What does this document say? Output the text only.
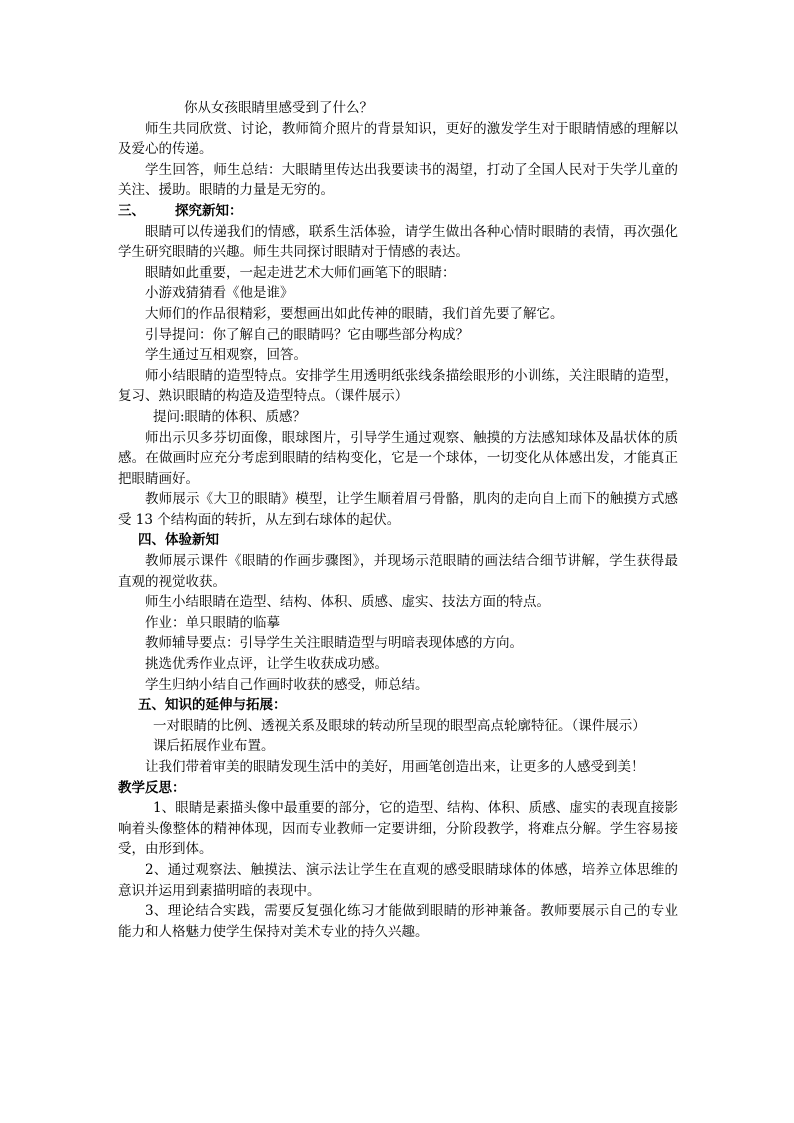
你从女孩眼睛里感受到了什么？

师生共同欣赏、讨论，教师简介照片的背景知识，更好的激发学生对于眼睛情感的理解以及爱心的传递。

学生回答，师生总结：大眼睛里传达出我要读书的渴望，打动了全国人民对于失学儿童的关注、援助。眼睛的力量是无穷的。

三、 探究新知：

眼睛可以传递我们的情感，联系生活体验，请学生做出各种心情时眼睛的表情，再次强化学生研究眼睛的兴趣。师生共同探讨眼睛对于情感的表达。

眼睛如此重要，一起走进艺术大师们画笔下的眼睛：

小游戏猜猜看《他是谁》

大师们的作品很精彩，要想画出如此传神的眼睛，我们首先要了解它。

引导提问：你了解自己的眼睛吗？它由哪些部分构成？

学生通过互相观察，回答。

师小结眼睛的造型特点。安排学生用透明纸张线条描绘眼形的小训练，关注眼睛的造型，复习、熟识眼睛的构造及造型特点。（课件展示）

提问:眼睛的体积、质感？

师出示贝多芬切面像，眼球图片，引导学生通过观察、触摸的方法感知球体及晶状体的质感。在做画时应充分考虑到眼睛的结构变化，它是一个球体，一切变化从体感出发，才能真正把眼睛画好。

教师展示《大卫的眼睛》模型，让学生顺着眉弓骨骼，肌肉的走向自上而下的触摸方式感受 13 个结构面的转折，从左到右球体的起伏。

四、体验新知

教师展示课件《眼睛的作画步骤图》，并现场示范眼睛的画法结合细节讲解，学生获得最直观的视觉收获。

师生小结眼睛在造型、结构、体积、质感、虚实、技法方面的特点。

作业：单只眼睛的临摹

教师辅导要点：引导学生关注眼睛造型与明暗表现体感的方向。

挑选优秀作业点评，让学生收获成功感。

学生归纳小结自己作画时收获的感受，师总结。

五、知识的延伸与拓展：

一对眼睛的比例、透视关系及眼球的转动所呈现的眼型高点轮廓特征。（课件展示）

课后拓展作业布置。

让我们带着审美的眼睛发现生活中的美好，用画笔创造出来，让更多的人感受到美！

教学反思：

1、眼睛是素描头像中最重要的部分，它的造型、结构、体积、质感、虚实的表现直接影响着头像整体的精神体现，因而专业教师一定要讲细，分阶段教学，将难点分解。学生容易接受，由形到体。

2、通过观察法、触摸法、演示法让学生在直观的感受眼睛球体的体感，培养立体思维的意识并运用到素描明暗的表现中。

3、理论结合实践，需要反复强化练习才能做到眼睛的形神兼备。教师要展示自己的专业能力和人格魅力使学生保持对美术专业的持久兴趣。
